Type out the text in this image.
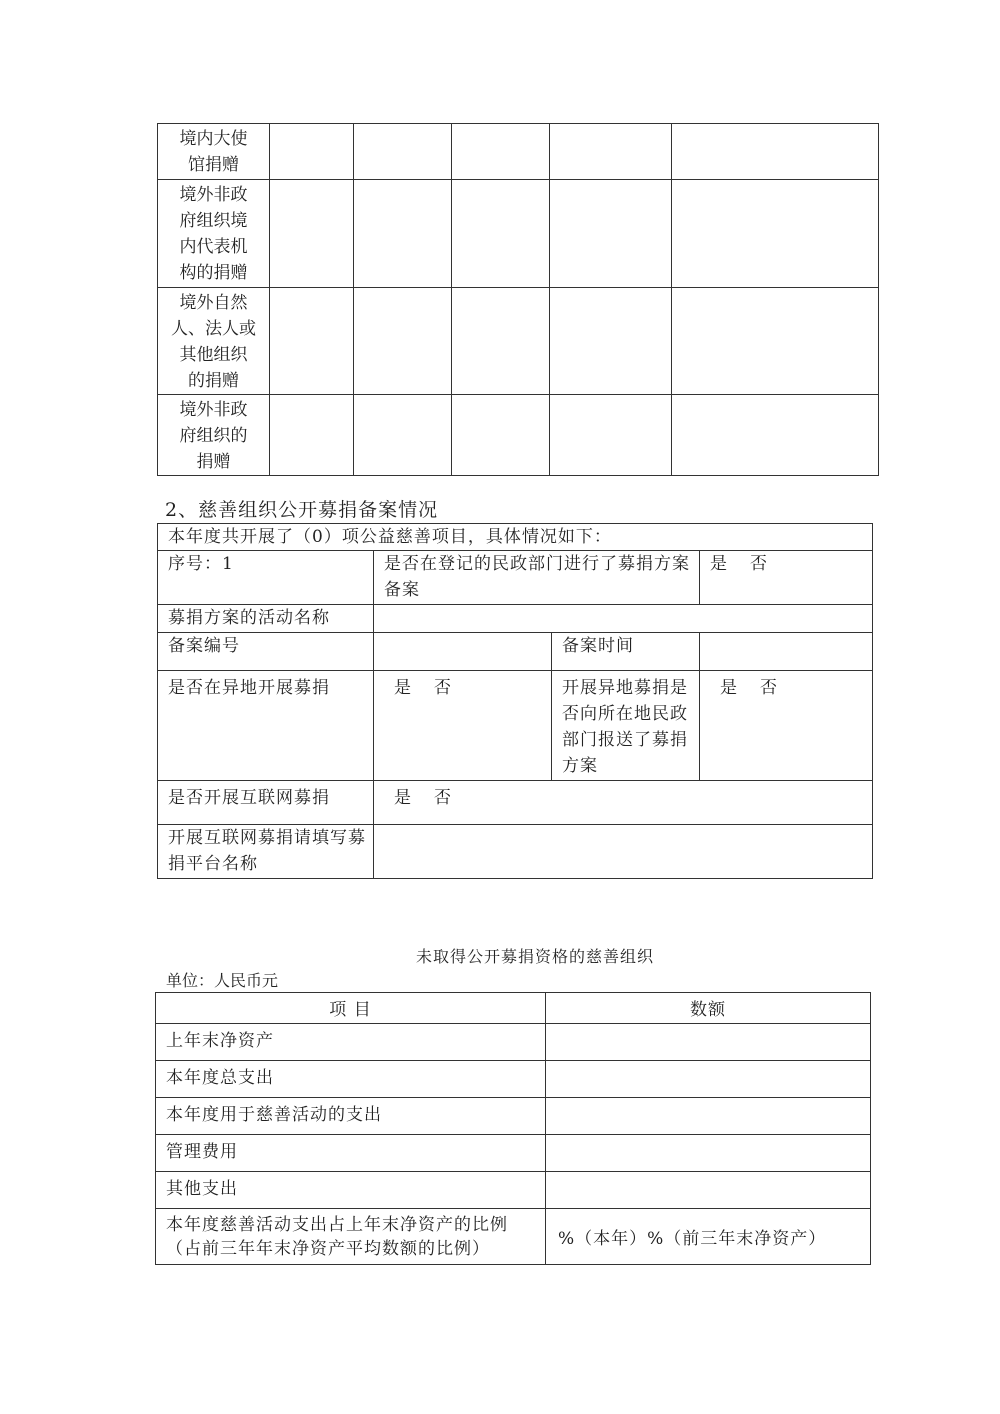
境内大使
馆捐赠					

境外非政
府组织境
内代表机
构的捐赠					

境外自然
人、法人或
其他组织
的捐赠					

境外非政
府组织的
捐赠					

2、慈善组织公开募捐备案情况
本年度共开展了（0）项公益慈善项目，具体情况如下：			
序号：1	是否在登记的民政部门进行了募捐方案备案		是 否
募捐方案的活动名称			
备案编号		备案时间	
是否在异地开展募捐	是 否	开展异地募捐是否向所在地民政部门报送了募捐方案	是 否
是否开展互联网募捐	是 否		
开展互联网募捐请填写募捐平台名称			
未取得公开募捐资格的慈善组织
单位：人民币元
项 目	数额
上年末净资产	
本年度总支出	
本年度用于慈善活动的支出	
管理费用	
其他支出	

本年度慈善活动支出占上年末净资产的比例
（占前三年年末净资产平均数额的比例）	%（本年）%（前三年末净资产）
